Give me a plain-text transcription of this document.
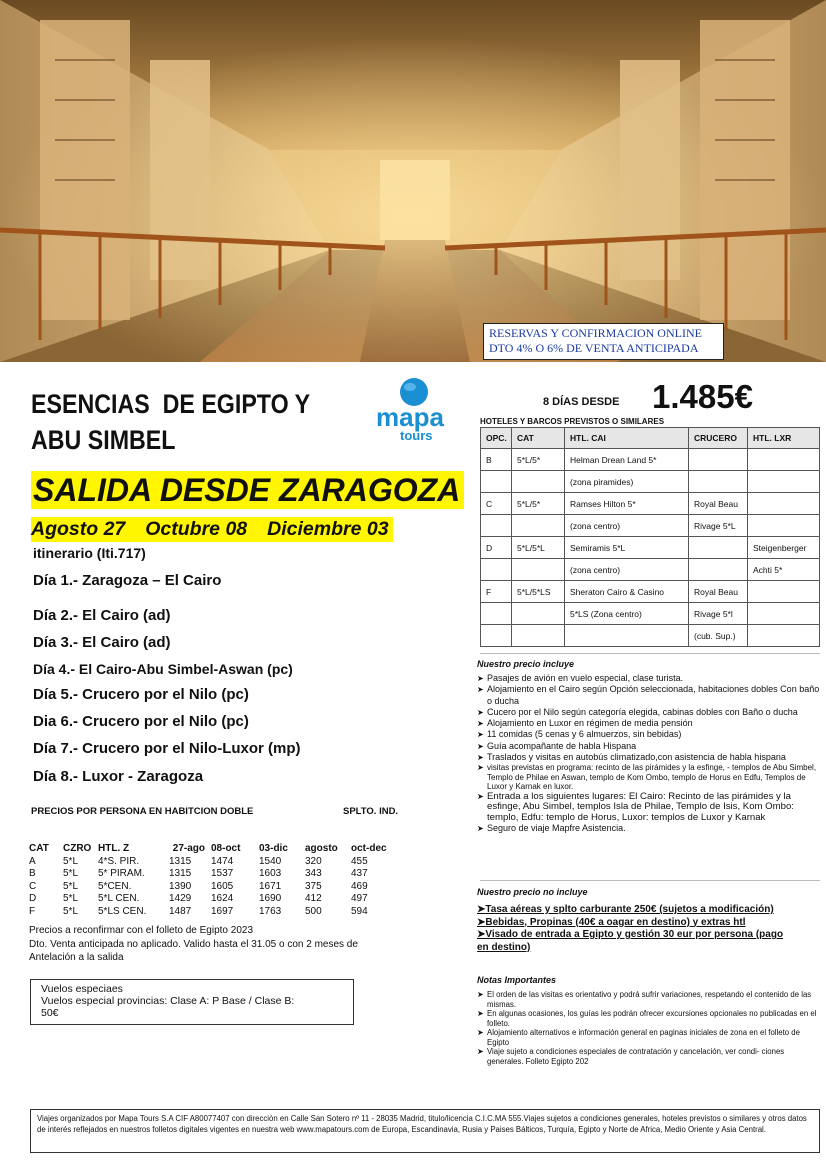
RESERVAS Y CONFIRMACION ONLINE
DTO 4% O 6% DE VENTA ANTICIPADA
ESENCIAS  DE EGIPTO Y
ABU SIMBEL
mapa
tours
SALIDA DESDE ZARAGOZA
Agosto 27 Octubre 08 Diciembre 03
itinerario (Iti.717)
Día 1.- Zaragoza – El Cairo
Día 2.- El Cairo (ad)
Día 3.- El Cairo (ad)
Día 4.- El Cairo-Abu Simbel-Aswan (pc)
Día 5.- Crucero por el Nilo (pc)
Dia 6.- Crucero por el Nilo (pc)
Día 7.- Crucero por el Nilo-Luxor (mp)
Día 8.- Luxor - Zaragoza
PRECIOS POR PERSONA EN HABITCION DOBLE	SPLTO. IND.
CAT	CZRO	HTL. Z	27-ago	08-oct	03-dic	agosto	oct-dec
A	5*L	4*S. PIR.	1315	1474	1540	320	455
B	5*L	5* PIRAM.	1315	1537	1603	343	437
C	5*L	5*CEN.	1390	1605	1671	375	469
D	5*L	5*L CEN.	1429	1624	1690	412	497
F	5*L	5*LS CEN.	1487	1697	1763	500	594
Precios a reconfirmar con el folleto de Egipto 2023
Dto. Venta anticipada no aplicado. Valido hasta el 31.05 o con 2 meses de
Antelación a la salida
Vuelos especiaes
Vuelos especial provincias: Clase A: P Base / Clase B:
50€
8 DÍAS DESDE 1.485€
HOTELES Y BARCOS PREVISTOS O SIMILARES
OPC.	CAT	HTL. CAI	CRUCERO	HTL. LXR
B	5*L/5*	Helman Drean Land 5*		
		(zona piramides)		
C	5*L/5*	Ramses Hilton 5*	Royal Beau	
		(zona centro)	Rivage 5*L	
D	5*L/5*L	Semiramis 5*L		Steigenberger
		(zona centro)		Achti 5*
F	5*L/5*LS	Sheraton Cairo & Casino	Royal Beau	
		5*LS (Zona centro)	Rivage 5*l	
			(cub. Sup.)	
Nuestro precio incluye
➤ Pasajes de avión en vuelo especial, clase turista.
➤ Alojamiento en el Cairo según Opción seleccionada, habitaciones dobles Con baño o ducha
➤ Cucero por el Nilo según categoría elegida, cabinas dobles con Baño o ducha
➤ Alojamiento en Luxor en régimen de media pensión
➤ 11 comidas (5 cenas y 6 almuerzos, sin bebidas)
➤ Guía acompañante de habla Hispana
➤ Traslados y visitas en autobús climatizado,con asistencia de habla hispana
➤ visitas previstas en programa: recinto de las pirámides y la esfinge, - templos de Abu Simbel, Templo de Philae en Aswan, templo de Kom Ombo, templo de Horus en Edfu, Templos de Luxor y Karnak en luxor.
➤ Entrada a los siguientes lugares: El Cairo: Recinto de las pirámides y la esfinge, Abu Simbel, templos Isla de Philae, Templo de Isis, Kom Ombo: templo, Edfu: templo de Horus, Luxor: templos de Luxor y Karnak
➤ Seguro de viaje Mapfre Asistencia.
Nuestro precio no incluye
➤Tasa aéreas y splto carburante 250€ (sujetos a modificación)
➤Bebidas, Propinas (40€ a oagar en destino) y extras htl
➤Visado de entrada a Egipto y gestión 30 eur por persona (pago en destino)
Notas Importantes
➤ El orden de las visitas es orientativo y podrá sufrir variaciones, respetando el contenido de las mismas.
➤ En algunas ocasiones, los guías les podrán ofrecer excursiones opcionales no publicadas en el folleto.
➤ Alojamiento alternativos e información general en paginas iniciales de zona en el folleto de Egipto
➤ Viaje sujeto a condiciones especiales de contratación y cancelación, ver condi- ciones generales. Folleto Egipto 202
Viajes organizados por Mapa Tours S.A CIF A80077407 con dirección en Calle San Sotero nº 11 - 28035 Madrid, titulo/licencia C.I.C.MA 555.Viajes sujetos a condiciones generales, hoteles previstos o similares y otros datos de interés reflejados en nuestros folletos digitales vigentes en nuestra web www.mapatours.com de Europa, Escandinavia, Rusia y Paises Bálticos, Turquía, Egipto y Norte de Africa, Medio Oriente y Asia Central.
